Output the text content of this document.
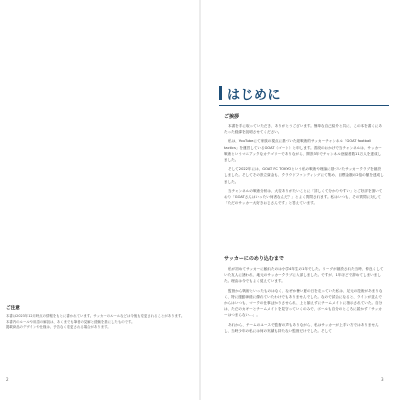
ご注意

本書は2023年12月時点の情報をもとに書かれています。サッカーのルールなどは今後も変更されることがあります。

本書内のルールや用語の解説は、あくまでも筆者の見解と経験を基にしたものです。

掲載商品のデザインや仕様は、予告なく変更される場合があります。

2
はじめに
ご挨拶

本書を手に取っていただき、ありがとうございます。簡単な自己紹介と共に、この本を書くにあたった経緯を説明させてください。

私は、YouTubeにて家族の視点に基づいた総戦術的サッカーチャンネル「GOAT football tactics」を運営しているGOAT（ゴート）と申します。普段のおかげで当チャンネルは、サッカー戦術というマニアックなカテゴリーでありながら、開設3年でチャンネル登録者数11万人を達成しました。

そして2022年には、GOAT FC TOKYOという私の戦術や理論に基づいたサッカークラブを創設しました。そしてその設立資金も、クラウドファンディングにて集め、目標金額の2倍の額を達成しました。

当チャンネルの戦術分析は、大変ありがたいことに「詳しくて分かりやすい」とご好評を頂いており「GOATさんはいったい何者なんだ？」とよく質問されます。私はいつも、その質問に対して「ただのサッカー大好きおじさんです」と答えています。

サッカーにのめり込むまで

私が初めてサッカーに触れたのは小学4年生の1年でした。リーグが創設された当時、仲良くしていた友人に誘われ、地元のサッカークラブに入部しました。ですが、1年ほどで辞めてしまいました。理由は今でもよく覚えています。

監督から戦術といったものはなく、なぜか暑い夏の日を走っていた私は、足元の技術があまりなく、特に運動神経に優れていたわけでもありませんでした。なので試合になると、ラインが並んでからはいつも、マークの仕事ばかりさせられ、上と揃えずにチームメイトに指示されていた。自分は、ただのカギーとチームメイトを見守っていくのみで、ボールも自分のところに届かず「サッカーはつまらない…」。

あれから、チームのユースで監督の声もありながら、私はサッカーが上手い方ではありませんし、当時少年の私には何の実績も持たない監督だけでした。そして

3
